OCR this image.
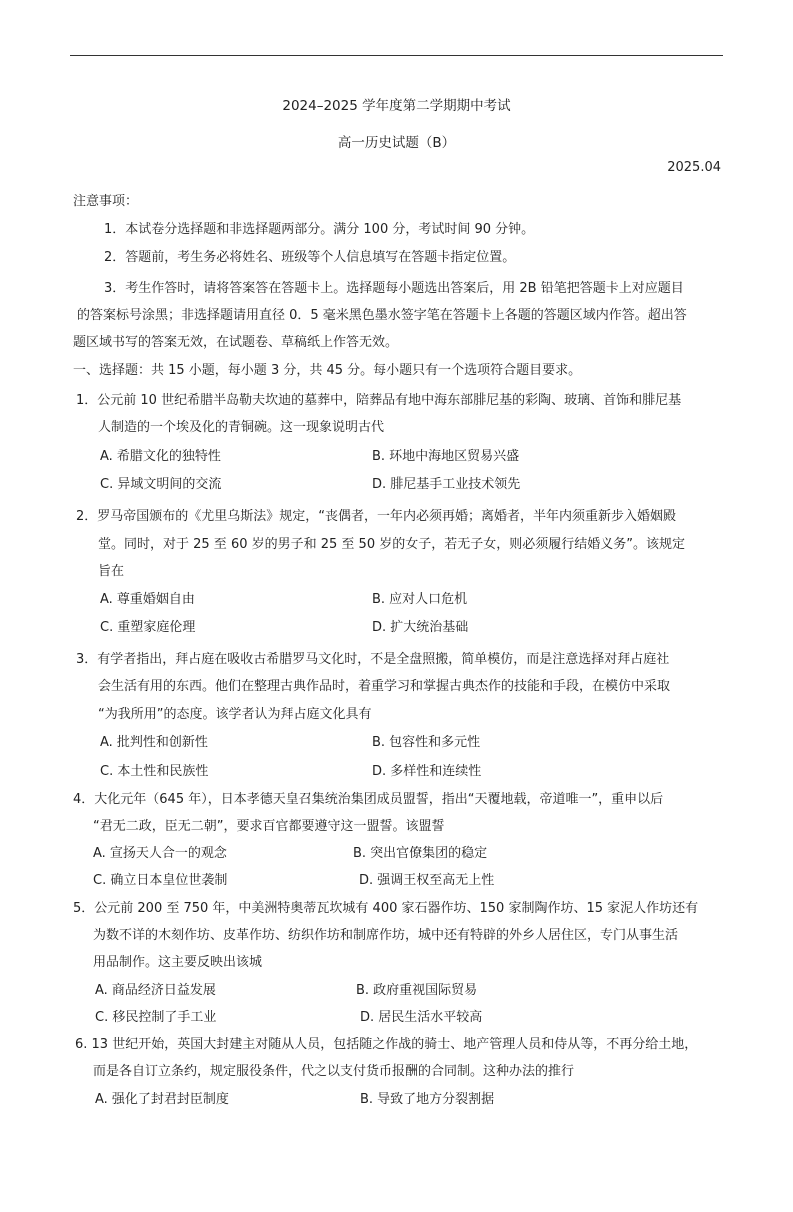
2024–2025 学年度第二学期期中考试
高一历史试题（B）
2025.04
注意事项：
1．本试卷分选择题和非选择题两部分。满分 100 分，考试时间 90 分钟。
2．答题前，考生务必将姓名、班级等个人信息填写在答题卡指定位置。
3．考生作答时，请将答案答在答题卡上。选择题每小题选出答案后，用 2B 铅笔把答题卡上对应题目
的答案标号涂黑；非选择题请用直径 0．5 毫米黑色墨水签字笔在答题卡上各题的答题区域内作答。超出答
题区域书写的答案无效，在试题卷、草稿纸上作答无效。
一、选择题：共 15 小题，每小题 3 分，共 45 分。每小题只有一个选项符合题目要求。
1．公元前 10 世纪希腊半岛勒夫坎迪的墓葬中，陪葬品有地中海东部腓尼基的彩陶、玻璃、首饰和腓尼基
人制造的一个埃及化的青铜碗。这一现象说明古代
A. 希腊文化的独特性	B. 环地中海地区贸易兴盛
C. 异域文明间的交流	D. 腓尼基手工业技术领先
2．罗马帝国颁布的《尤里乌斯法》规定，“丧偶者，一年内必须再婚；离婚者，半年内须重新步入婚姻殿
堂。同时，对于 25 至 60 岁的男子和 25 至 50 岁的女子，若无子女，则必须履行结婚义务”。该规定
旨在
A. 尊重婚姻自由	B. 应对人口危机
C. 重塑家庭伦理	D. 扩大统治基础
3．有学者指出，拜占庭在吸收古希腊罗马文化时，不是全盘照搬，简单模仿，而是注意选择对拜占庭社
会生活有用的东西。他们在整理古典作品时，着重学习和掌握古典杰作的技能和手段，在模仿中采取
“为我所用”的态度。该学者认为拜占庭文化具有
A. 批判性和创新性	B. 包容性和多元性
C. 本土性和民族性	D. 多样性和连续性
4．大化元年（645 年），日本孝德天皇召集统治集团成员盟誓，指出“天覆地载，帝道唯一”，重申以后
“君无二政，臣无二朝”，要求百官都要遵守这一盟誓。该盟誓
A. 宣扬天人合一的观念	B. 突出官僚集团的稳定
C. 确立日本皇位世袭制	D. 强调王权至高无上性
5．公元前 200 至 750 年，中美洲特奥蒂瓦坎城有 400 家石器作坊、150 家制陶作坊、15 家泥人作坊还有
为数不详的木刻作坊、皮革作坊、纺织作坊和制席作坊，城中还有特辟的外乡人居住区，专门从事生活
用品制作。这主要反映出该城
A. 商品经济日益发展	B. 政府重视国际贸易
C. 移民控制了手工业	D. 居民生活水平较高
6. 13 世纪开始，英国大封建主对随从人员，包括随之作战的骑士、地产管理人员和侍从等，不再分给土地，
而是各自订立条约，规定服役条件，代之以支付货币报酬的合同制。这种办法的推行
A. 强化了封君封臣制度	B. 导致了地方分裂割据
